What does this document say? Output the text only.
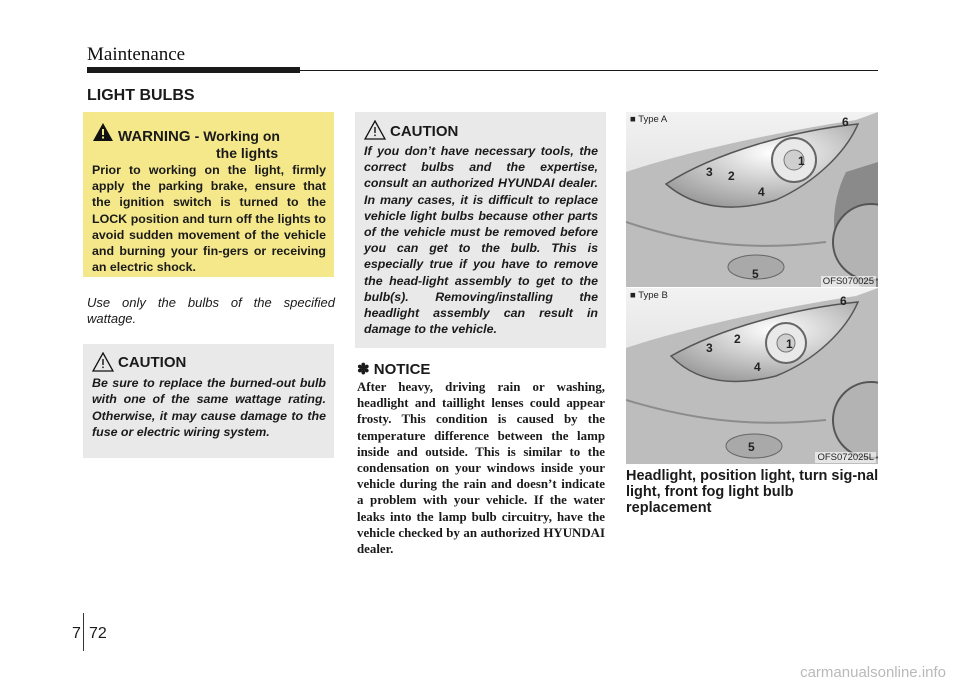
Maintenance
LIGHT BULBS
WARNING - Working on
the lights
Prior to working on the light, firmly apply the parking brake, ensure that the ignition switch is turned to the LOCK position and turn off the lights to avoid sudden movement of the vehicle and burning your fin-gers or receiving an electric shock.
Use only the bulbs of the specified wattage.
CAUTION
Be sure to replace the burned-out bulb with one of the same wattage rating. Otherwise, it may cause damage to the fuse or electric wiring system.
CAUTION
If you don’t have necessary tools, the correct bulbs and the expertise, consult an authorized HYUNDAI dealer. In many cases, it is difficult to replace vehicle light bulbs because other parts of the vehicle must be removed before you can get to the bulb. This is especially true if you have to remove the head-light assembly to get to the bulb(s). Removing/installing the headlight assembly can result in damage to the vehicle.
✽ NOTICE
After heavy, driving rain or washing, headlight and taillight lenses could appear frosty. This condition is caused by the temperature difference between the lamp inside and outside. This is similar to the condensation on your windows inside your vehicle during the rain and doesn’t indicate a problem with your vehicle. If the water leaks into the lamp bulb circuitry, have the vehicle checked by an authorized HYUNDAI dealer.
1
2
3
4
5
6
■ Type A
OFS070025
1
2
3
4
5
6
■ Type B
OFS072025L
Headlight, position light, turn sig-nal light, front fog light bulb replacement
7 72
carmanualsonline.info
